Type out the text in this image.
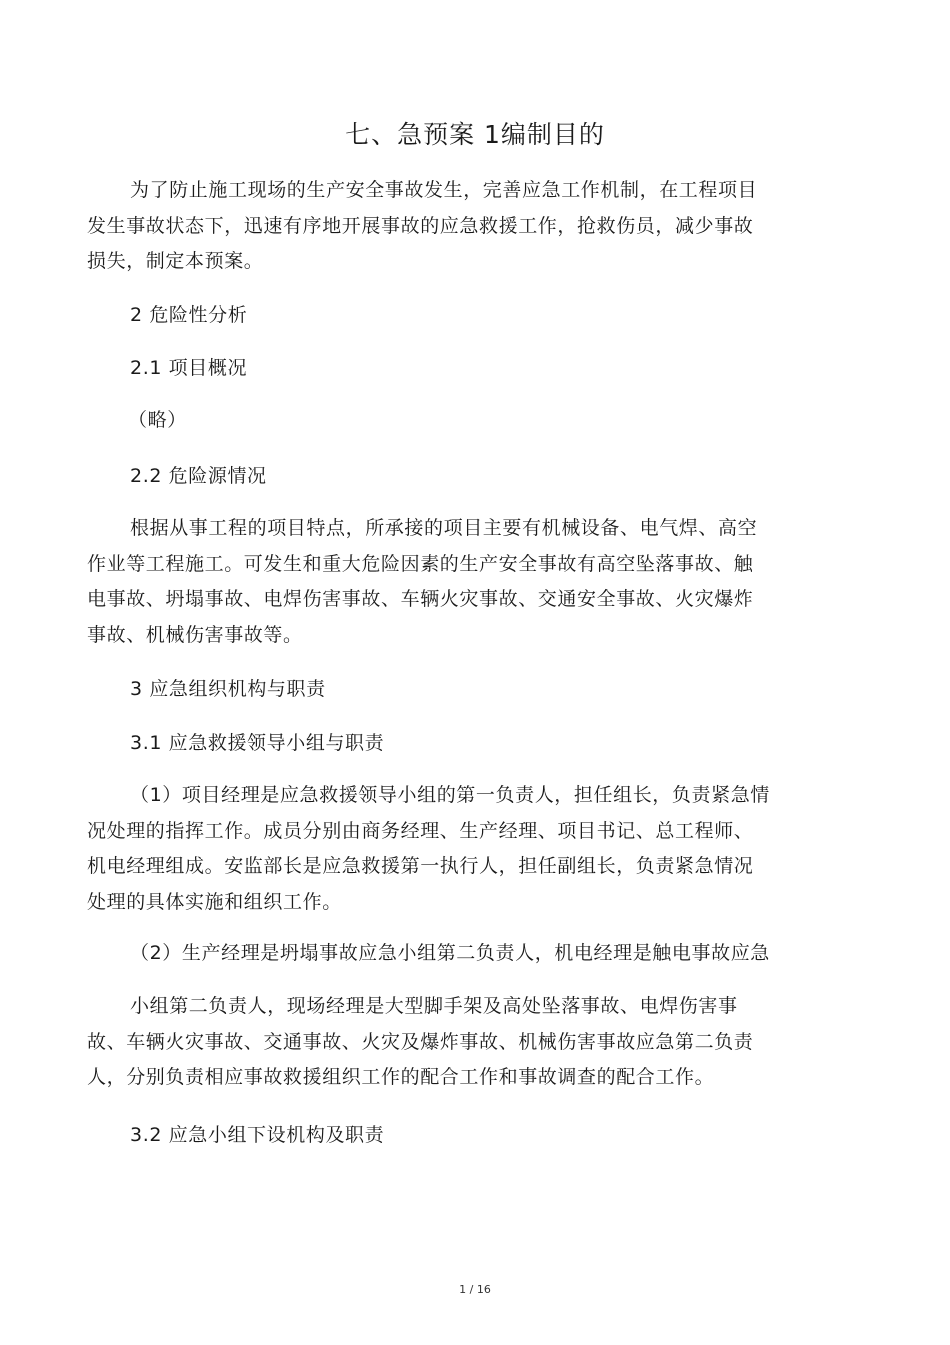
七、急预案 1编制目的

为了防止施工现场的生产安全事故发生，完善应急工作机制，在工程项目
发生事故状态下，迅速有序地开展事故的应急救援工作，抢救伤员，减少事故
损失，制定本预案。

2 危险性分析

2.1 项目概况

（略）

2.2 危险源情况

根据从事工程的项目特点，所承接的项目主要有机械设备、电气焊、高空
作业等工程施工。可发生和重大危险因素的生产安全事故有高空坠落事故、触
电事故、坍塌事故、电焊伤害事故、车辆火灾事故、交通安全事故、火灾爆炸
事故、机械伤害事故等。

3 应急组织机构与职责

3.1 应急救援领导小组与职责

（1）项目经理是应急救援领导小组的第一负责人，担任组长，负责紧急情
况处理的指挥工作。成员分别由商务经理、生产经理、项目书记、总工程师、
机电经理组成。安监部长是应急救援第一执行人，担任副组长，负责紧急情况
处理的具体实施和组织工作。

（2）生产经理是坍塌事故应急小组第二负责人，机电经理是触电事故应急

小组第二负责人，现场经理是大型脚手架及高处坠落事故、电焊伤害事
故、车辆火灾事故、交通事故、火灾及爆炸事故、机械伤害事故应急第二负责
人，分别负责相应事故救援组织工作的配合工作和事故调查的配合工作。

3.2 应急小组下设机构及职责

1 / 16
